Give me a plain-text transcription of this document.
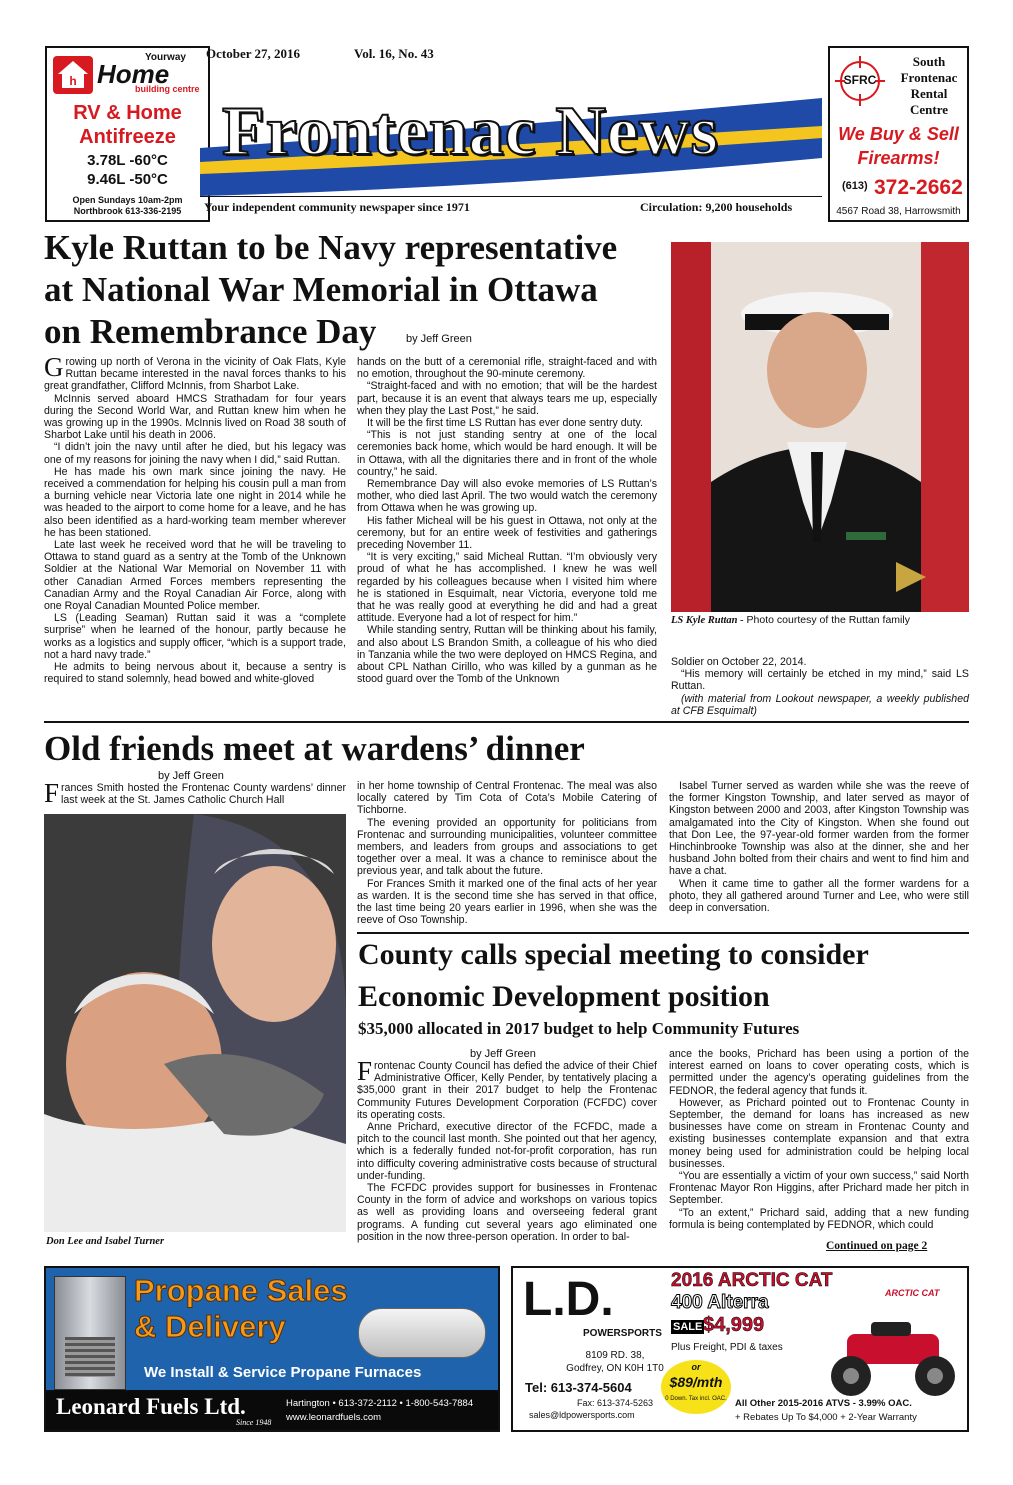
h
Yourway
Home
building centre
RV & Home
Antifreeze
3.78L -60°C
9.46L -50°C
Open Sundays 10am-2pm
Northbrook 613-336-2195
October 27, 2016	Vol. 16, No. 43
Frontenac News
Your independent community newspaper since 1971	Circulation: 9,200 households
SFRC
South
Frontenac
Rental
Centre
We Buy & Sell
Firearms!
(613) 372-2662
4567 Road 38, Harrowsmith
Kyle Ruttan to be Navy representative
at National War Memorial in Ottawa
on Remembrance Day	by Jeff Green
G rowing up north of Verona in the vicinity of Oak Flats, Kyle Ruttan became interested in the naval forces thanks to his great grandfather, Clifford McInnis, from Sharbot Lake.

McInnis served aboard HMCS Strathadam for four years during the Second World War, and Ruttan knew him when he was growing up in the 1990s. McInnis lived on Road 38 south of Sharbot Lake until his death in 2006.

“I didn’t join the navy until after he died, but his legacy was one of my reasons for joining the navy when I did,” said Ruttan.

He has made his own mark since joining the navy. He received a commendation for helping his cousin pull a man from a burning vehicle near Victoria late one night in 2014 while he was headed to the airport to come home for a leave, and he has also been identified as a hard-working team member wherever he has been stationed.

Late last week he received word that he will be traveling to Ottawa to stand guard as a sentry at the Tomb of the Unknown Soldier at the National War Memorial on November 11 with other Canadian Armed Forces members representing the Canadian Army and the Royal Canadian Air Force, along with one Royal Canadian Mounted Police member.

LS (Leading Seaman) Ruttan said it was a “complete surprise” when he learned of the honour, partly because he works as a logistics and supply officer, “which is a support trade, not a hard navy trade.”

He admits to being nervous about it, because a sentry is required to stand solemnly, head bowed and white-gloved

hands on the butt of a ceremonial rifle, straight-faced and with no emotion, throughout the 90-minute ceremony.

“Straight-faced and with no emotion; that will be the hardest part, because it is an event that always tears me up, especially when they play the Last Post,” he said.

It will be the first time LS Ruttan has ever done sentry duty.

“This is not just standing sentry at one of the local ceremonies back home, which would be hard enough. It will be in Ottawa, with all the dignitaries there and in front of the whole country,” he said.

Remembrance Day will also evoke memories of LS Ruttan’s mother, who died last April. The two would watch the ceremony from Ottawa when he was growing up.

His father Micheal will be his guest in Ottawa, not only at the ceremony, but for an entire week of festivities and gatherings preceding November 11.

“It is very exciting,” said Micheal Ruttan. “I’m obviously very proud of what he has accomplished. I knew he was well regarded by his colleagues because when I visited him where he is stationed in Esquimalt, near Victoria, everyone told me that he was really good at everything he did and had a great attitude. Everyone had a lot of respect for him.”

While standing sentry, Ruttan will be thinking about his family, and also about LS Brandon Smith, a colleague of his who died in Tanzania while the two were deployed on HMCS Regina, and about CPL Nathan Cirillo, who was killed by a gunman as he stood guard over the Tomb of the Unknown

LS Kyle Ruttan - Photo courtesy of the Ruttan family

Soldier on October 22, 2014.

“His memory will certainly be etched in my mind,” said LS Ruttan.

(with material from Lookout newspaper, a weekly published at CFB Esquimalt)

Old friends meet at wardens’ dinner
by Jeff Green
F rances Smith hosted the Frontenac County wardens’ dinner last week at the St. James Catholic Church Hall

Don Lee and Isabel Turner

in her home township of Central Frontenac. The meal was also locally catered by Tim Cota of Cota’s Mobile Catering of Tichborne.

The evening provided an opportunity for politicians from Frontenac and surrounding municipalities, volunteer committee members, and leaders from groups and associations to get together over a meal. It was a chance to reminisce about the previous year, and talk about the future.

For Frances Smith it marked one of the final acts of her year as warden. It is the second time she has served in that office, the last time being 20 years earlier in 1996, when she was the reeve of Oso Township.

Isabel Turner served as warden while she was the reeve of the former Kingston Township, and later served as mayor of Kingston between 2000 and 2003, after Kingston Township was amalgamated into the City of Kingston. When she found out that Don Lee, the 97-year-old former warden from the former Hinchinbrooke Township was also at the dinner, she and her husband John bolted from their chairs and went to find him and have a chat.

When it came time to gather all the former wardens for a photo, they all gathered around Turner and Lee, who were still deep in conversation.

County calls special meeting to consider
Economic Development position
$35,000 allocated in 2017 budget to help Community Futures
by Jeff Green
F rontenac County Council has defied the advice of their Chief Administrative Officer, Kelly Pender, by tentatively placing a $35,000 grant in their 2017 budget to help the Frontenac Community Futures Development Corporation (FCFDC) cover its operating costs.

Anne Prichard, executive director of the FCFDC, made a pitch to the council last month. She pointed out that her agency, which is a federally funded not-for-profit corporation, has run into difficulty covering administrative costs because of structural under-funding.

The FCFDC provides support for businesses in Frontenac County in the form of advice and workshops on various topics as well as providing loans and overseeing federal grant programs. A funding cut several years ago eliminated one position in the now three-person operation. In order to bal-

ance the books, Prichard has been using a portion of the interest earned on loans to cover operating costs, which is permitted under the agency’s operating guidelines from the FEDNOR, the federal agency that funds it.

However, as Prichard pointed out to Frontenac County in September, the demand for loans has increased as new businesses have come on stream in Frontenac County and existing businesses contemplate expansion and that extra money being used for administration could be helping local businesses.

“You are essentially a victim of your own success,” said North Frontenac Mayor Ron Higgins, after Prichard made her pitch in September.

“To an extent,” Prichard said, adding that a new funding formula is being contemplated by FEDNOR, which could

Continued on page 2
Propane Sales
& Delivery
We Install & Service Propane Furnaces
Leonard Fuels Ltd.
Since 1948
Hartington • 613-372-2112 • 1-800-543-7884
www.leonardfuels.com
L.D.
POWERSPORTS
8109 RD. 38,
Godfrey, ON K0H 1T0
Tel: 613-374-5604
Fax: 613-374-5263
sales@ldpowersports.com
2016 ARCTIC CAT
ARCTIC CAT
400 Alterra
SALE $4,999
Plus Freight, PDI & taxes
or
$89/mth
0 Down. Tax incl. OAC. All Other 2015-2016 ATVS - 3.99% OAC.
+ Rebates Up To $4,000 + 2-Year Warranty
